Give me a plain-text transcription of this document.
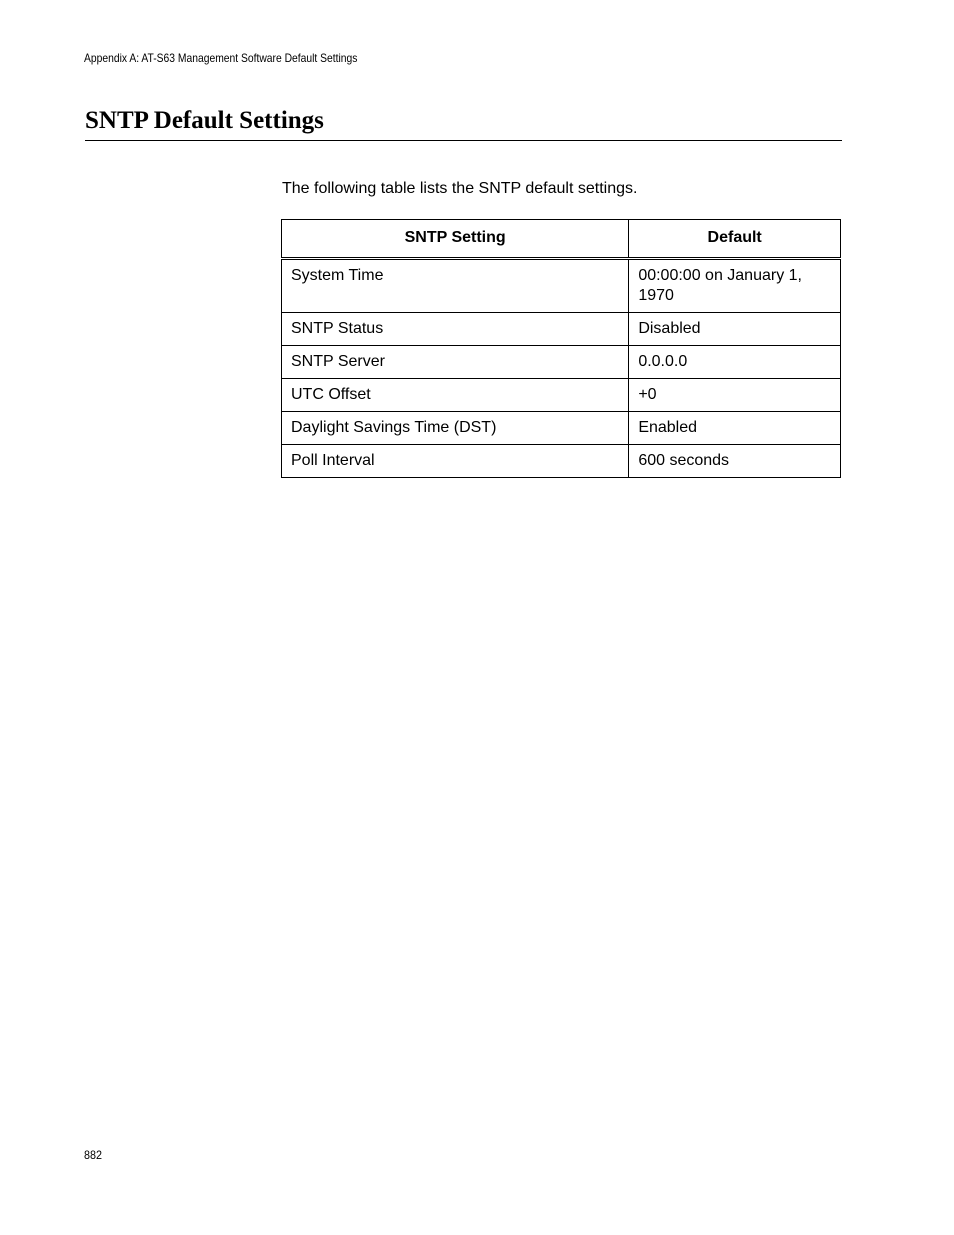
Appendix A: AT-S63 Management Software Default Settings
SNTP Default Settings

The following table lists the SNTP default settings.

SNTP Setting	Default
System Time	00:00:00 on January 1, 1970
SNTP Status	Disabled
SNTP Server	0.0.0.0
UTC Offset	+0
Daylight Savings Time (DST)	Enabled
Poll Interval	600 seconds
882
